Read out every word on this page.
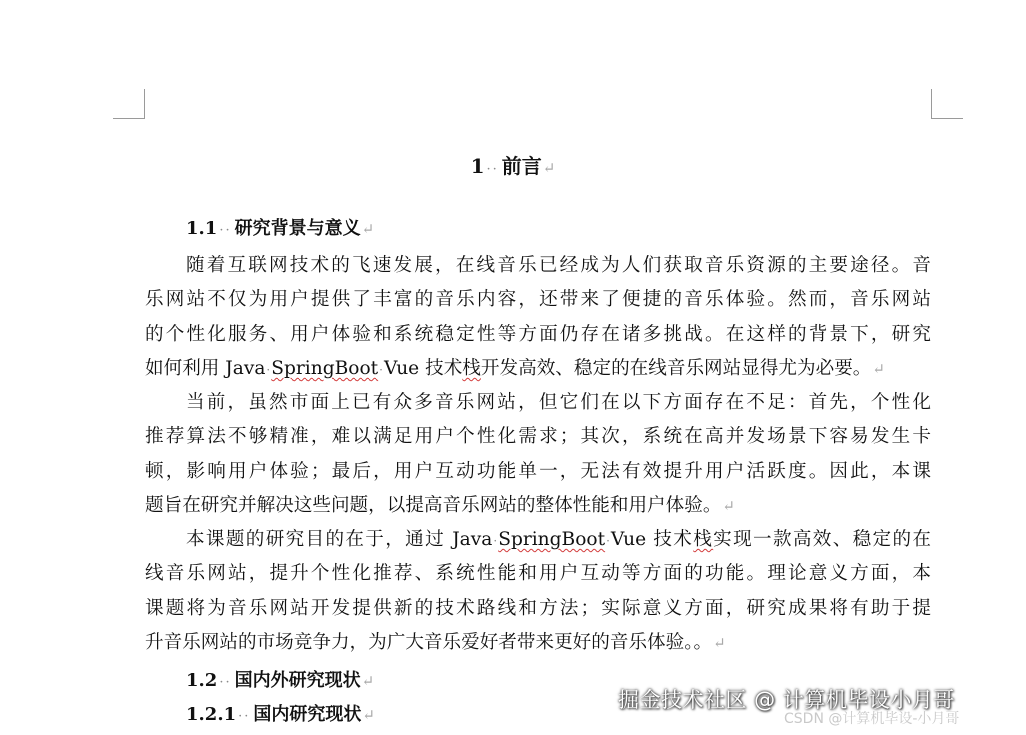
1 ·· 前言↵
1.1 ·· 研究背景与意义↵
随着互联网技术的飞速发展，在线音乐已经成为人们获取音乐资源的主要途径。音
乐网站不仅为用户提供了丰富的音乐内容，还带来了便捷的音乐体验。然而，音乐网站
的个性化服务、用户体验和系统稳定性等方面仍存在诸多挑战。在这样的背景下，研究
如何利用 Java·SpringBoot·Vue 技术栈开发高效、稳定的在线音乐网站显得尤为必要。↵
当前，虽然市面上已有众多音乐网站，但它们在以下方面存在不足：首先，个性化
推荐算法不够精准，难以满足用户个性化需求；其次，系统在高并发场景下容易发生卡
顿，影响用户体验；最后，用户互动功能单一，无法有效提升用户活跃度。因此，本课
题旨在研究并解决这些问题，以提高音乐网站的整体性能和用户体验。↵
本课题的研究目的在于，通过 Java·SpringBoot·Vue 技术栈实现一款高效、稳定的在
线音乐网站，提升个性化推荐、系统性能和用户互动等方面的功能。理论意义方面，本
课题将为音乐网站开发提供新的技术路线和方法；实际意义方面，研究成果将有助于提
升音乐网站的市场竞争力，为广大音乐爱好者带来更好的音乐体验。。↵
1.2 ·· 国内外研究现状↵
1.2.1 ·· 国内研究现状↵
掘金技术社区 @ 计算机毕设小月哥
CSDN @计算机毕设-小月哥
